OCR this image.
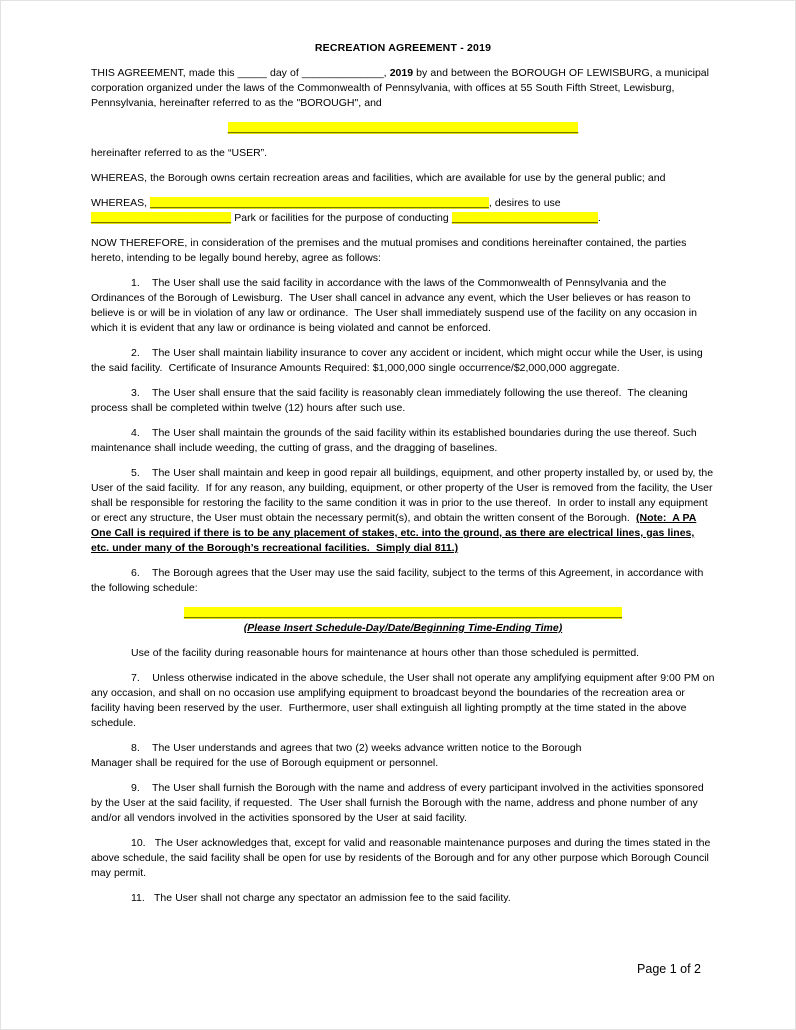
RECREATION AGREEMENT - 2019

THIS AGREEMENT, made this _____ day of ______________, 2019 by and between the BOROUGH OF LEWISBURG, a municipal corporation organized under the laws of the Commonwealth of Pennsylvania, with offices at 55 South Fifth Street, Lewisburg, Pennsylvania, hereinafter referred to as the "BOROUGH", and

____________________________________________________________

hereinafter referred to as the “USER”.

WHEREAS, the Borough owns certain recreation areas and facilities, which are available for use by the general public; and

WHEREAS, __________________________________________________________, desires to use
________________________ Park or facilities for the purpose of conducting _________________________.

NOW THEREFORE, in consideration of the premises and the mutual promises and conditions hereinafter contained, the parties hereto, intending to be legally bound hereby, agree as follows:

1.    The User shall use the said facility in accordance with the laws of the Commonwealth of Pennsylvania and the Ordinances of the Borough of Lewisburg.  The User shall cancel in advance any event, which the User believes or has reason to believe is or will be in violation of any law or ordinance.  The User shall immediately suspend use of the facility on any occasion in which it is evident that any law or ordinance is being violated and cannot be enforced.

2.    The User shall maintain liability insurance to cover any accident or incident, which might occur while the User, is using the said facility.  Certificate of Insurance Amounts Required: $1,000,000 single occurrence/$2,000,000 aggregate.

3.    The User shall ensure that the said facility is reasonably clean immediately following the use thereof.  The cleaning process shall be completed within twelve (12) hours after such use.

4.    The User shall maintain the grounds of the said facility within its established boundaries during the use thereof. Such maintenance shall include weeding, the cutting of grass, and the dragging of baselines.

5.    The User shall maintain and keep in good repair all buildings, equipment, and other property installed by, or used by, the User of the said facility.  If for any reason, any building, equipment, or other property of the User is removed from the facility, the User shall be responsible for restoring the facility to the same condition it was in prior to the use thereof.  In order to install any equipment or erect any structure, the User must obtain the necessary permit(s), and obtain the written consent of the Borough.  (Note:  A PA One Call is required if there is to be any placement of stakes, etc. into the ground, as there are electrical lines, gas lines, etc. under many of the Borough’s recreational facilities.  Simply dial 811.)

6.    The Borough agrees that the User may use the said facility, subject to the terms of this Agreement, in accordance with the following schedule:

___________________________________________________________________________

(Please Insert Schedule-Day/Date/Beginning Time-Ending Time)

Use of the facility during reasonable hours for maintenance at hours other than those scheduled is permitted.

7.    Unless otherwise indicated in the above schedule, the User shall not operate any amplifying equipment after 9:00 PM on any occasion, and shall on no occasion use amplifying equipment to broadcast beyond the boundaries of the recreation area or facility having been reserved by the user.  Furthermore, user shall extinguish all lighting promptly at the time stated in the above schedule.

8.    The User understands and agrees that two (2) weeks advance written notice to the Borough
Manager shall be required for the use of Borough equipment or personnel.

9.    The User shall furnish the Borough with the name and address of every participant involved in the activities sponsored by the User at the said facility, if requested.  The User shall furnish the Borough with the name, address and phone number of any and/or all vendors involved in the activities sponsored by the User at said facility.

10.   The User acknowledges that, except for valid and reasonable maintenance purposes and during the times stated in the above schedule, the said facility shall be open for use by residents of the Borough and for any other purpose which Borough Council may permit.

11.   The User shall not charge any spectator an admission fee to the said facility.

Page 1 of 2
